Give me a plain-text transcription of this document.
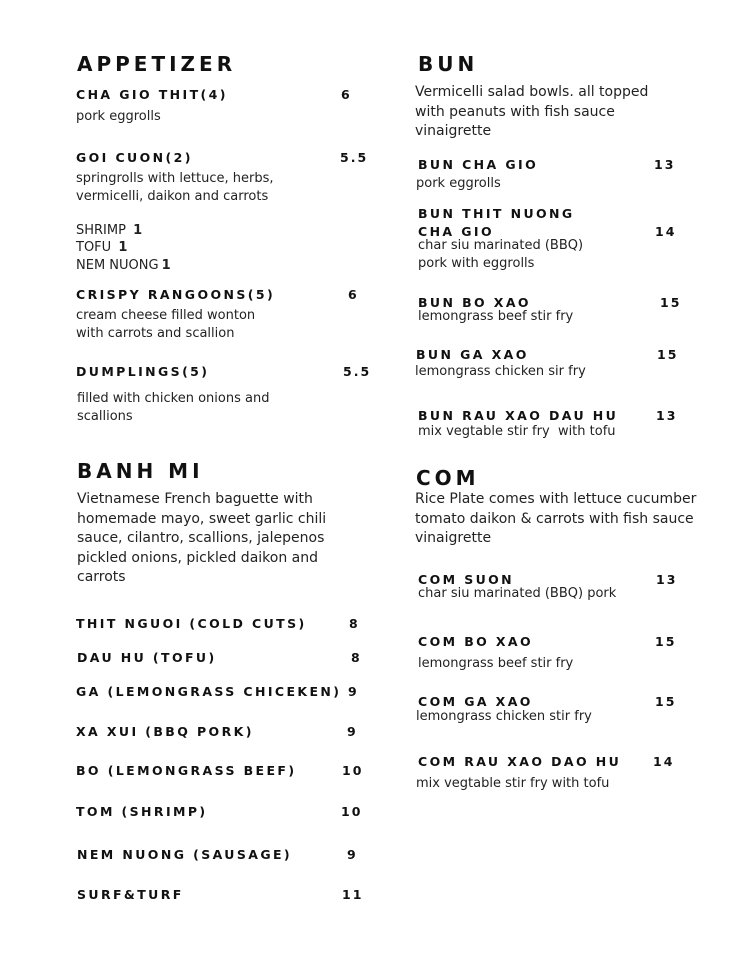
APPETIZER
CHA GIO THIT(4)	6
pork eggrolls
GOI CUON(2)	5.5
springrolls with lettuce, herbs, vermicelli, daikon and carrots
SHRIMP 1
TOFU 1
NEM NUONG 1
CRISPY RANGOONS(5)	6
cream cheese filled wonton with carrots and scallion
DUMPLINGS(5)	5.5
filled with chicken onions and scallions
BANH MI
Vietnamese French baguette with homemade mayo, sweet garlic chili sauce, cilantro, scallions, jalepenos pickled onions, pickled daikon and carrots
THIT NGUOI (COLD CUTS)	8
DAU HU (TOFU)	8
GA (LEMONGRASS CHICEKEN) 9
XA XUI (BBQ PORK)	9
BO (LEMONGRASS BEEF)	10
TOM (SHRIMP)	10
NEM NUONG (SAUSAGE)	9
SURF&TURF	11
BUN
Vermicelli salad bowls. all topped with peanuts with fish sauce vinaigrette
BUN CHA GIO	13
pork eggrolls
BUN THIT NUONG
CHA GIO	14
char siu marinated (BBQ)
pork with eggrolls
BUN BO XAO	15
lemongrass beef stir fry
BUN GA XAO	15
lemongrass chicken sir fry
BUN RAU XAO DAU HU	13
mix vegtable stir fry  with tofu
COM
Rice Plate comes with lettuce cucumber tomato daikon & carrots with fish sauce vinaigrette
COM SUON	13
char siu marinated (BBQ) pork
COM BO XAO	15
lemongrass beef stir fry
COM GA XAO	15
lemongrass chicken stir fry
COM RAU XAO DAO HU	14
mix vegtable stir fry with tofu
